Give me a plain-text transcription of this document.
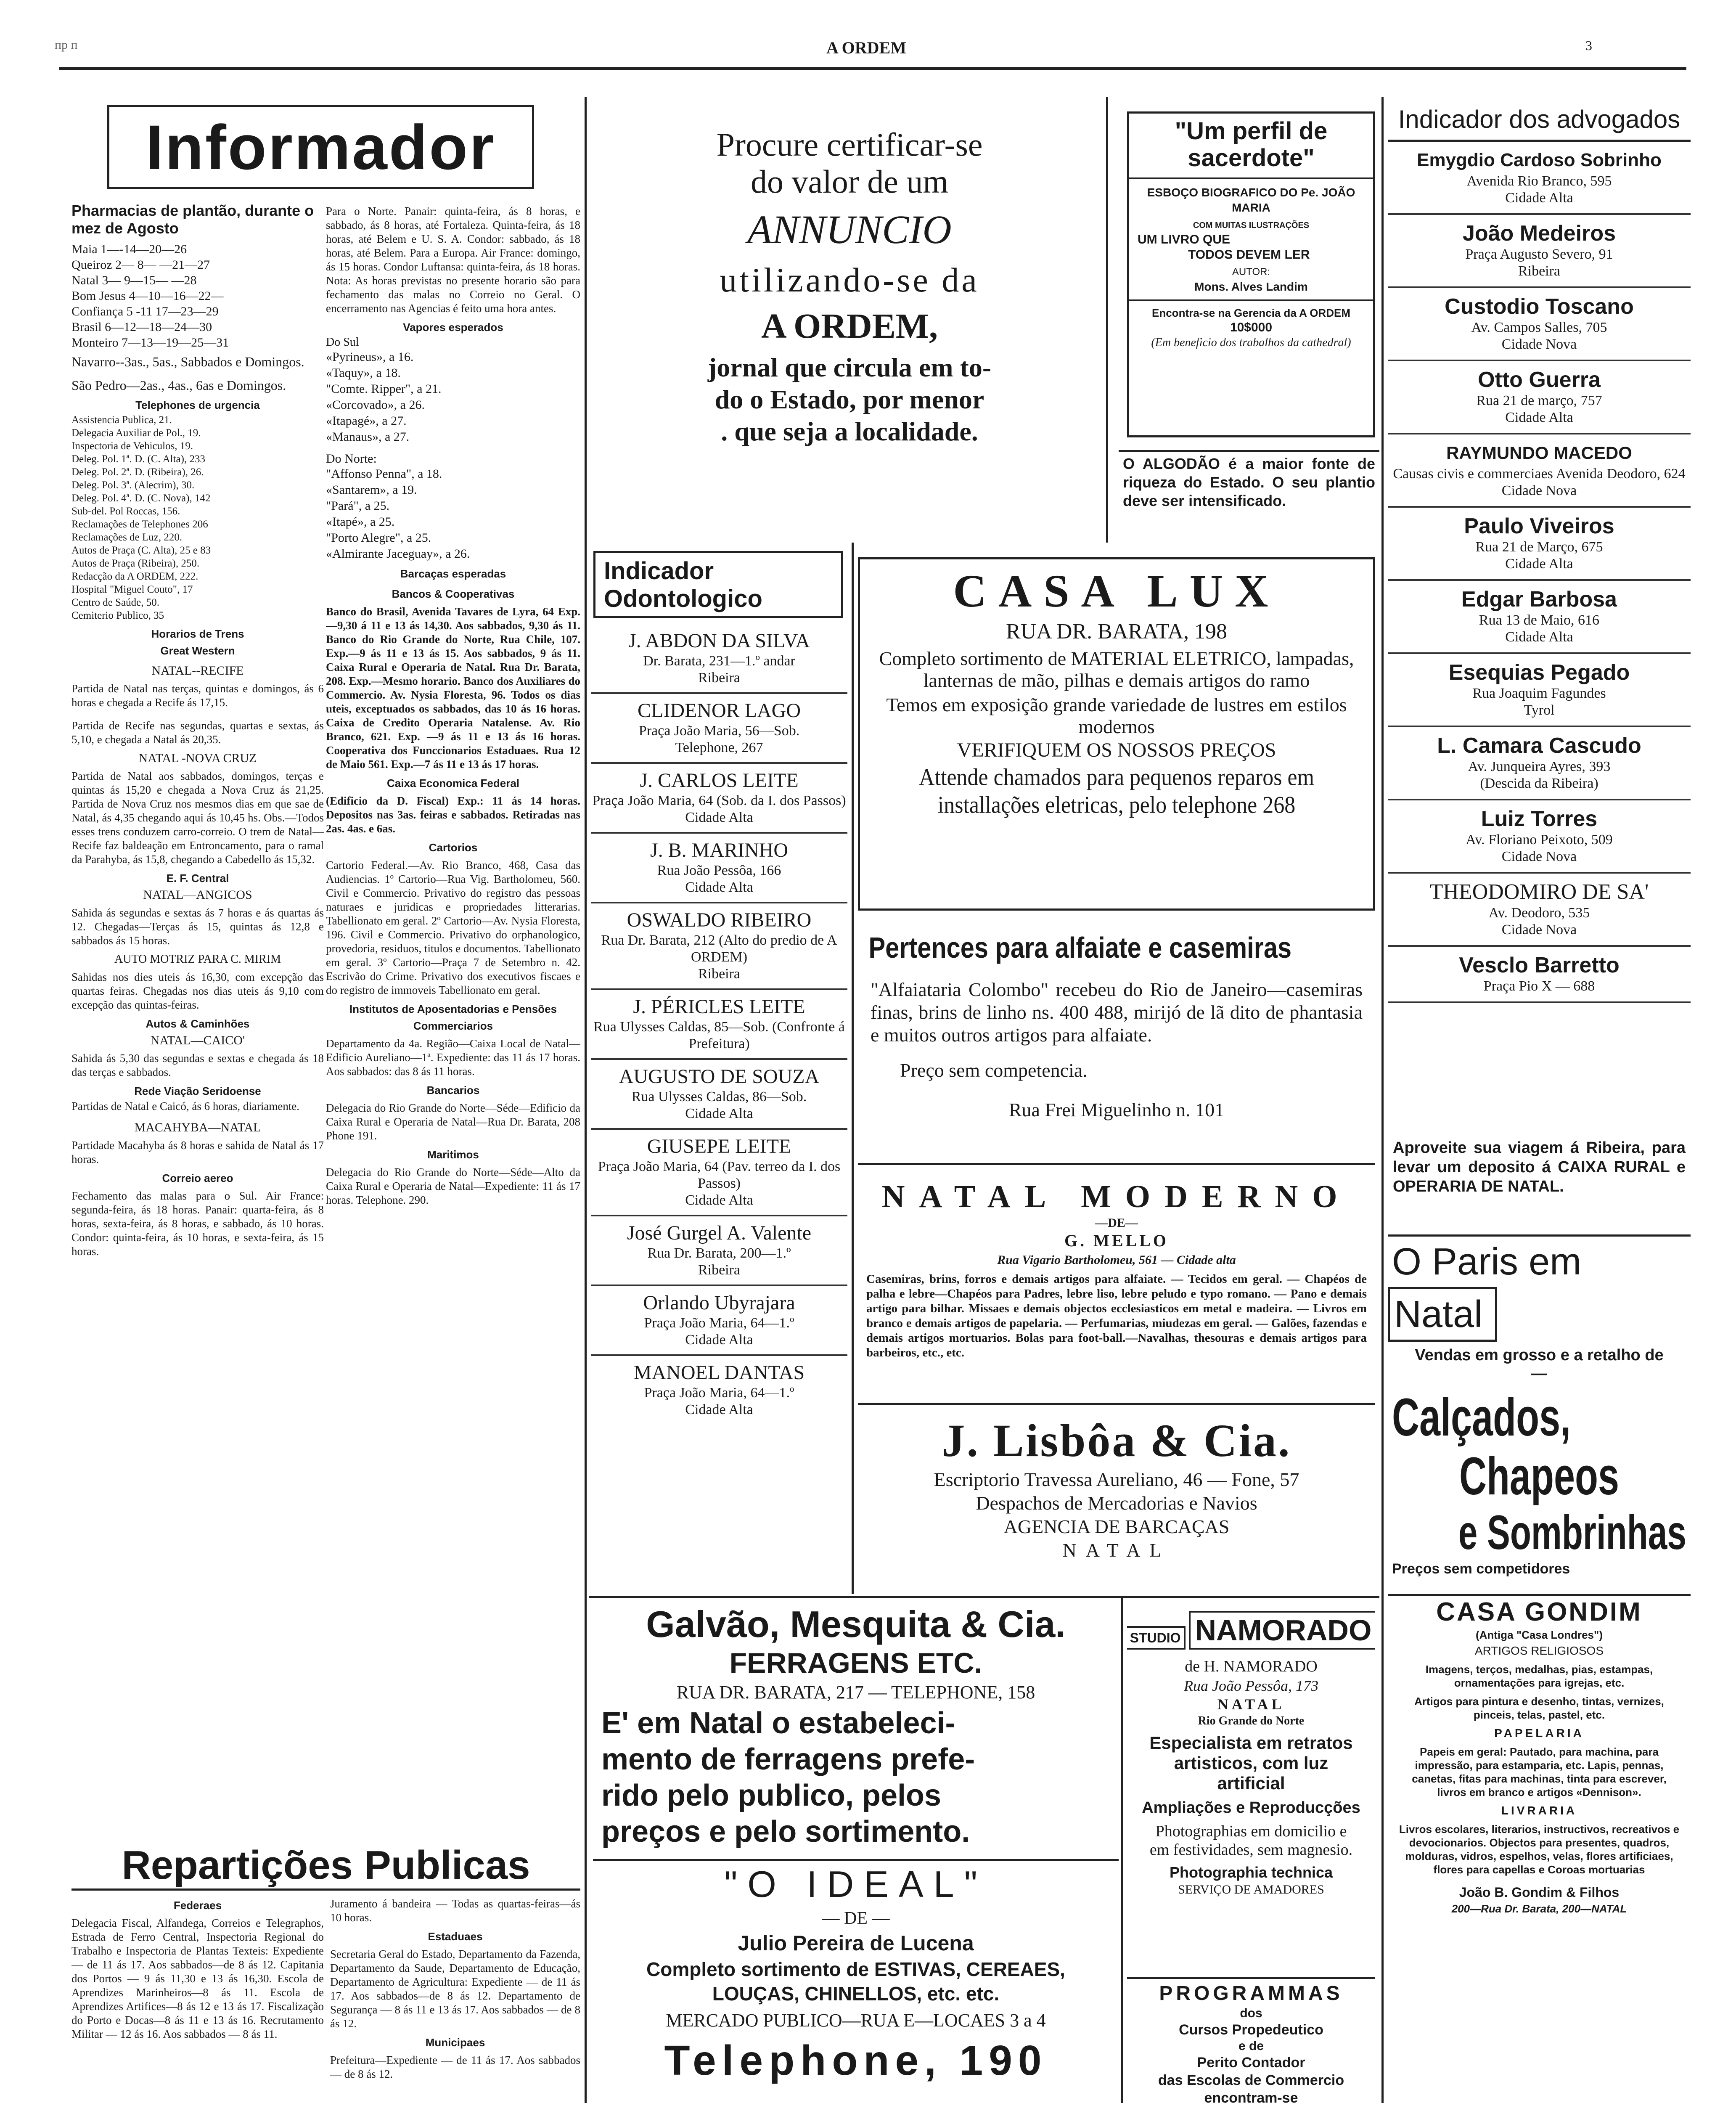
пр п	A ORDEM	3
Informador
Pharmacias de plantão, durante o mez de Agosto
Maia 1—-14—20—26
Queiroz 2— 8— —21—27
Natal 3— 9—15— —28
Bom Jesus 4—10—16—22—
Confiança 5 -11 17—23—29
Brasil 6—12—18—24—30
Monteiro 7—13—19—25—31
Navarro--3as., 5as., Sabbados e Domingos.
São Pedro—2as., 4as., 6as e Domingos.
Telephones de urgencia
Assistencia Publica, 21.
Delegacia Auxiliar de Pol., 19.
Inspectoria de Vehiculos, 19.
Deleg. Pol. 1ª. D. (C. Alta), 233
Deleg. Pol. 2ª. D. (Ribeira), 26.
Deleg. Pol. 3ª. (Alecrim), 30.
Deleg. Pol. 4ª. D. (C. Nova), 142
Sub-del. Pol Roccas, 156.
Reclamações de Telephones 206
Reclamações de Luz, 220.
Autos de Praça (C. Alta), 25 e 83
Autos de Praça (Ribeira), 250.
Redacção da A ORDEM, 222.
Hospital "Miguel Couto", 17
Centro de Saúde, 50.
Cemiterio Publico, 35
Horarios de Trens
Great Western
NATAL--RECIFE
Partida de Natal nas terças, quintas e domingos, ás 6 horas e chegada a Recife ás 17,15.
Partida de Recife nas segundas, quartas e sextas, ás 5,10, e chegada a Natal ás 20,35.
NATAL -NOVA CRUZ
Partida de Natal aos sabbados, domingos, terças e quintas ás 15,20 e chegada a Nova Cruz ás 21,25. Partida de Nova Cruz nos mesmos dias em que sae de Natal, ás 4,35 chegando aqui ás 10,45 hs. Obs.—Todos esses trens conduzem carro-correio. O trem de Natal—Recife faz baldeação em Entroncamento, para o ramal da Parahyba, ás 15,8, chegando a Cabedello ás 15,32.
E. F. Central
NATAL—ANGICOS
Sahida ás segundas e sextas ás 7 horas e ás quartas ás 12. Chegadas—Terças ás 15, quintas ás 12,8 e sabbados ás 15 horas.
AUTO MOTRIZ PARA C. MIRIM
Sahidas nos dies uteis ás 16,30, com excepção das quartas feiras. Chegadas nos dias uteis ás 9,10 com excepção das quintas-feiras.
Autos & Caminhões
NATAL—CAICO'
Sahida ás 5,30 das segundas e sextas e chegada ás 18 das terças e sabbados.
Rede Viação Seridoense
Partidas de Natal e Caicó, ás 6 horas, diariamente.
MACAHYBA—NATAL
Partidade Macahyba ás 8 horas e sahida de Natal ás 17 horas.
Correio aereo
Fechamento das malas para o Sul. Air France: segunda-feira, ás 18 horas. Panair: quarta-feira, ás 8 horas, sexta-feira, ás 8 horas, e sabbado, ás 10 horas. Condor: quinta-feira, ás 10 horas, e sexta-feira, ás 15 horas.
Para o Norte. Panair: quinta-feira, ás 8 horas, e sabbado, ás 8 horas, até Fortaleza. Quinta-feira, ás 18 horas, até Belem e U. S. A. Condor: sabbado, ás 18 horas, até Belem. Para a Europa. Air France: domingo, ás 15 horas. Condor Luftansa: quinta-feira, ás 18 horas. Nota: As horas previstas no presente horario são para fechamento das malas no Correio no Geral. O encerramento nas Agencias é feito uma hora antes.
Vapores esperados
Do Sul
«Pyrineus», a 16.
«Taquy», a 18.
"Comte. Ripper", a 21.
«Corcovado», a 26.
«Itapagé», a 27.
«Manaus», a 27.
Do Norte:
"Affonso Penna", a 18.
«Santarem», a 19.
"Pará", a 25.
«Itapé», a 25.
"Porto Alegre", a 25.
«Almirante Jaceguay», a 26.
Barcaças esperadas
Bancos & Cooperativas
Banco do Brasil, Avenida Tavares de Lyra, 64 Exp.—9,30 á 11 e 13 ás 14,30. Aos sabbados, 9,30 ás 11. Banco do Rio Grande do Norte, Rua Chile, 107. Exp.—9 ás 11 e 13 ás 15. Aos sabbados, 9 ás 11. Caixa Rural e Operaria de Natal. Rua Dr. Barata, 208. Exp.—Mesmo horario. Banco dos Auxiliares do Commercio. Av. Nysia Floresta, 96. Todos os dias uteis, exceptuados os sabbados, das 10 ás 16 horas. Caixa de Credito Operaria Natalense. Av. Rio Branco, 621. Exp. —9 ás 11 e 13 ás 16 horas. Cooperativa dos Funccionarios Estaduaes. Rua 12 de Maio 561. Exp.—7 ás 11 e 13 ás 17 horas.
Caixa Economica Federal
(Edificio da D. Fiscal) Exp.: 11 ás 14 horas. Depositos nas 3as. feiras e sabbados. Retiradas nas 2as. 4as. e 6as.
Cartorios
Cartorio Federal.—Av. Rio Branco, 468, Casa das Audiencias. 1º Cartorio—Rua Vig. Bartholomeu, 560. Civil e Commercio. Privativo do registro das pessoas naturaes e juridicas e propriedades litterarias. Tabellionato em geral. 2º Cartorio—Av. Nysia Floresta, 196. Civil e Commercio. Privativo do orphanologico, provedoria, residuos, titulos e documentos. Tabellionato em geral. 3º Cartorio—Praça 7 de Setembro n. 42. Escrivão do Crime. Privativo dos executivos fiscaes e do registro de immoveis Tabellionato em geral.
Institutos de Aposentadorias e Pensões
Commerciarios
Departamento da 4a. Região—Caixa Local de Natal—Edificio Aureliano—1ª. Expediente: das 11 ás 17 horas. Aos sabbados: das 8 ás 11 horas.
Bancarios
Delegacia do Rio Grande do Norte—Séde—Edificio da Caixa Rural e Operaria de Natal—Rua Dr. Barata, 208 Phone 191.
Maritimos
Delegacia do Rio Grande do Norte—Séde—Alto da Caixa Rural e Operaria de Natal—Expediente: 11 ás 17 horas. Telephone. 290.
Repartições Publicas
Federaes
Delegacia Fiscal, Alfandega, Correios e Telegraphos, Estrada de Ferro Central, Inspectoria Regional do Trabalho e Inspectoria de Plantas Texteis: Expediente — de 11 ás 17. Aos sabbados—de 8 ás 12. Capitania dos Portos — 9 ás 11,30 e 13 ás 16,30. Escola de Aprendizes Marinheiros—8 ás 11. Escola de Aprendizes Artifices—8 ás 12 e 13 ás 17. Fiscalização do Porto e Docas—8 ás 11 e 13 ás 16. Recrutamento Militar — 12 ás 16. Aos sabbados — 8 ás 11.
Juramento á bandeira — Todas as quartas-feiras—ás 10 horas.
Estaduaes
Secretaria Geral do Estado, Departamento da Fazenda, Departamento da Saude, Departamento de Educação, Departamento de Agricultura: Expediente — de 11 ás 17. Aos sabbados—de 8 ás 12. Departamento de Segurança — 8 ás 11 e 13 ás 17. Aos sabbados — de 8 ás 12.
Municipaes
Prefeitura—Expediente — de 11 ás 17. Aos sabbados — de 8 ás 12.
Procure certificar-se
do valor de um
ANNUNCIO
utilizando-se da
A ORDEM,
jornal que circula em to-
do o Estado, por menor
. que seja a localidade.
"Um perfil de sacerdote"
ESBOÇO BIOGRAFICO DO Pe. JOÃO MARIA
COM MUITAS ILUSTRAÇÕES
UM LIVRO QUE
TODOS DEVEM LER
AUTOR:
Mons. Alves Landim
Encontra-se na Gerencia da A ORDEM
10$000
(Em beneficio dos trabalhos da cathedral)
O ALGODÃO é a maior fonte de riqueza do Estado. O seu plantio deve ser intensificado.
Indicador dos advogados
Emygdio Cardoso Sobrinho
Avenida Rio Branco, 595
Cidade Alta
João Medeiros
Praça Augusto Severo, 91
Ribeira
Custodio Toscano
Av. Campos Salles, 705
Cidade Nova
Otto Guerra
Rua 21 de março, 757
Cidade Alta
RAYMUNDO MACEDO
Causas civis e commerciaes Avenida Deodoro, 624
Cidade Nova
Paulo Viveiros
Rua 21 de Março, 675
Cidade Alta
Edgar Barbosa
Rua 13 de Maio, 616
Cidade Alta
Esequias Pegado
Rua Joaquim Fagundes
Tyrol
L. Camara Cascudo
Av. Junqueira Ayres, 393
(Descida da Ribeira)
Luiz Torres
Av. Floriano Peixoto, 509
Cidade Nova
THEODOMIRO DE SA'
Av. Deodoro, 535
Cidade Nova
Vesclo Barretto
Praça Pio X — 688
Aproveite sua viagem á Ribeira, para levar um deposito á CAIXA RURAL e OPERARIA DE NATAL.
O Paris em
Natal
Vendas em grosso e a retalho de—
Calçados,
Chapeos
e Sombrinhas
Preços sem competidores
CASA GONDIM
(Antiga "Casa Londres")
ARTIGOS RELIGIOSOS
Imagens, terços, medalhas, pias, estampas, ornamentações para igrejas, etc.
Artigos para pintura e desenho, tintas, vernizes, pinceis, telas, pastel, etc.
PAPELARIA
Papeis em geral: Pautado, para machina, para impressão, para estamparia, etc. Lapis, pennas, canetas, fitas para machinas, tinta para escrever, livros em branco e artigos «Dennison».
LIVRARIA
Livros escolares, literarios, instructivos, recreativos e devocionarios. Objectos para presentes, quadros, molduras, vidros, espelhos, velas, flores artificiaes, flores para capellas e Coroas mortuarias
João B. Gondim & Filhos
200—Rua Dr. Barata, 200—NATAL
Indicador Odontologico
J. ABDON DA SILVA
Dr. Barata, 231—1.º andar
Ribeira
CLIDENOR LAGO
Praça João Maria, 56—Sob.
Telephone, 267
J. CARLOS LEITE
Praça João Maria, 64 (Sob. da I. dos Passos)
Cidade Alta
J. B. MARINHO
Rua João Pessôa, 166
Cidade Alta
OSWALDO RIBEIRO
Rua Dr. Barata, 212 (Alto do predio de A ORDEM)
Ribeira
J. PÉRICLES LEITE
Rua Ulysses Caldas, 85—Sob. (Confronte á Prefeitura)
AUGUSTO DE SOUZA
Rua Ulysses Caldas, 86—Sob.
Cidade Alta
GIUSEPE LEITE
Praça João Maria, 64 (Pav. terreo da I. dos Passos)
Cidade Alta
José Gurgel A. Valente
Rua Dr. Barata, 200—1.º
Ribeira
Orlando Ubyrajara
Praça João Maria, 64—1.º
Cidade Alta
MANOEL DANTAS
Praça João Maria, 64—1.º
Cidade Alta
CASA LUX
RUA DR. BARATA, 198
Completo sortimento de MATERIAL ELETRICO, lampadas, lanternas de mão, pilhas e demais artigos do ramo
Temos em exposição grande variedade de lustres em estilos modernos
VERIFIQUEM OS NOSSOS PREÇOS
Attende chamados para pequenos reparos em installações eletricas, pelo telephone 268
Pertences para alfaiate e casemiras
"Alfaiataria Colombo" recebeu do Rio de Janeiro—casemiras finas, brins de linho ns. 400 488, mirijó de lã dito de phantasia e muitos outros artigos para alfaiate.
Preço sem competencia.
Rua Frei Miguelinho n. 101
NATAL MODERNO
—DE—
G. MELLO
Rua Vigario Bartholomeu, 561 — Cidade alta
Casemiras, brins, forros e demais artigos para alfaiate. — Tecidos em geral. — Chapéos de palha e lebre—Chapéos para Padres, lebre liso, lebre peludo e typo romano. — Pano e demais artigo para bilhar. Missaes e demais objectos ecclesiasticos em metal e madeira. — Livros em branco e demais artigos de papelaria. — Perfumarias, miudezas em geral. — Galões, fazendas e demais artigos mortuarios. Bolas para foot-ball.—Navalhas, thesouras e demais artigos para barbeiros, etc., etc.
J. Lisbôa & Cia.
Escriptorio Travessa Aureliano, 46 — Fone, 57
Despachos de Mercadorias e Navios
AGENCIA DE BARCAÇAS
NATAL
Galvão, Mesquita & Cia.
FERRAGENS ETC.
RUA DR. BARATA, 217 — TELEPHONE, 158
E' em Natal o estabeleci-
mento de ferragens prefe-
rido pelo publico, pelos
preços e pelo sortimento.
STUDIO NAMORADO
de H. NAMORADO
Rua João Pessôa, 173
NATAL
Rio Grande do Norte
Especialista em retratos artisticos, com luz artificial
Ampliações e Reproducções
Photographias em domicilio e em festividades, sem magnesio.
Photographia technica
SERVIÇO DE AMADORES
"O IDEAL"
— DE —
Julio Pereira de Lucena
Completo sortimento de ESTIVAS, CEREAES, LOUÇAS, CHINELLOS, etc. etc.
MERCADO PUBLICO—RUA E—LOCAES 3 a 4
Telephone, 190
PROGRAMMAS
dos
Cursos Propedeutico
e de
Perito Contador
das Escolas de Commercio
encontram-se
